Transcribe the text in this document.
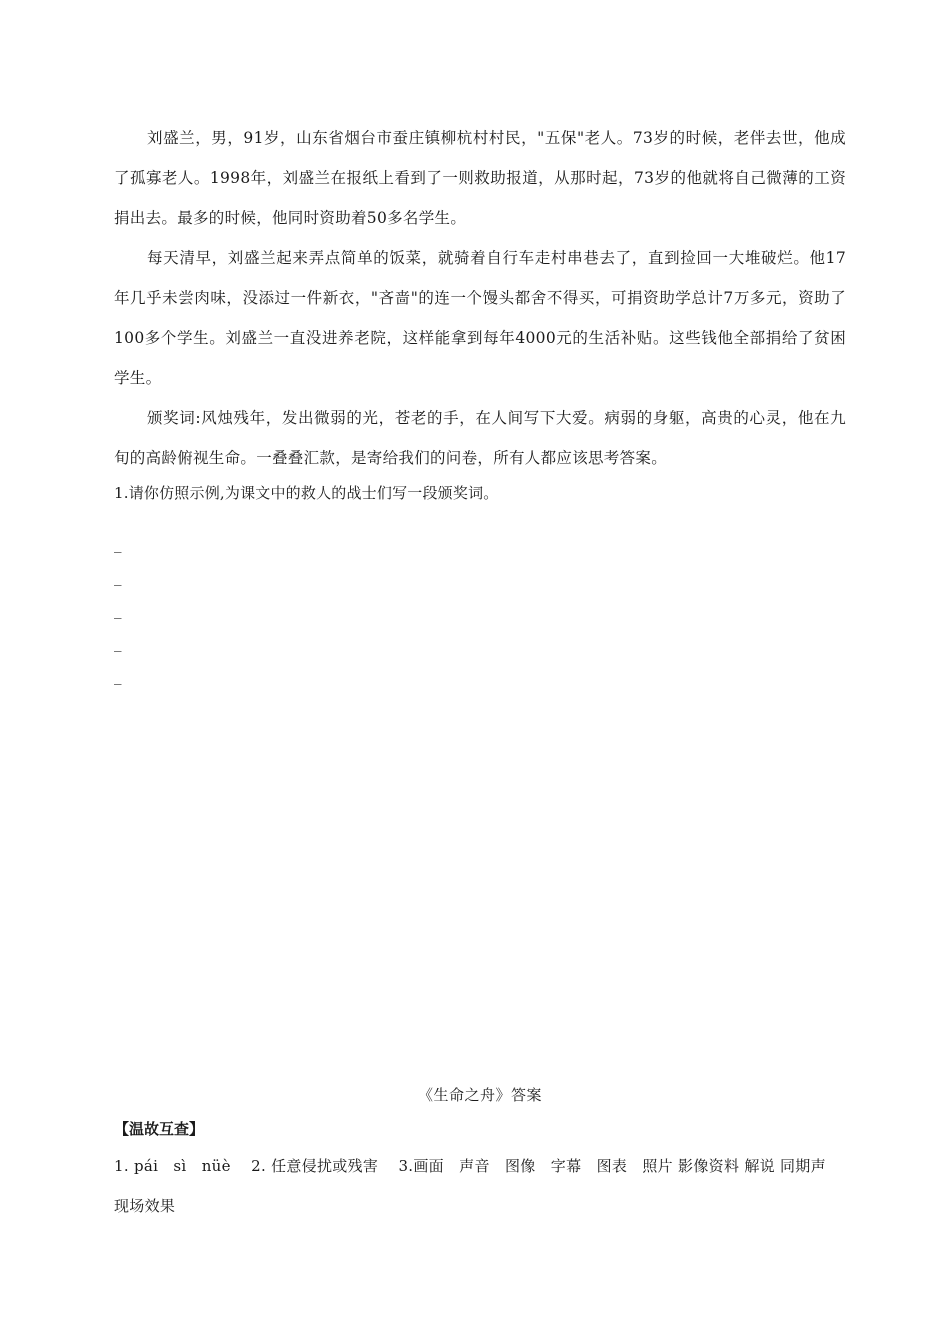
刘盛兰，男，91岁，山东省烟台市蚕庄镇柳杭村村民，"五保"老人。73岁的时候，老伴去世，他成了孤寡老人。1998年，刘盛兰在报纸上看到了一则救助报道，从那时起，73岁的他就将自己微薄的工资捐出去。最多的时候，他同时资助着50多名学生。

每天清早，刘盛兰起来弄点简单的饭菜，就骑着自行车走村串巷去了，直到捡回一大堆破烂。他17年几乎未尝肉味，没添过一件新衣，"吝啬"的连一个馒头都舍不得买，可捐资助学总计7万多元，资助了100多个学生。刘盛兰一直没进养老院，这样能拿到每年4000元的生活补贴。这些钱他全部捐给了贫困学生。

颁奖词:风烛残年，发出微弱的光，苍老的手，在人间写下大爱。病弱的身躯，高贵的心灵，他在九旬的高龄俯视生命。一叠叠汇款，是寄给我们的问卷，所有人都应该思考答案。

1.请你仿照示例,为课文中的救人的战士们写一段颁奖词。

_
_
_
_
_

《生命之舟》答案

【温故互查】

1. pái   sì   nüè    2. 任意侵扰或残害    3.画面   声音   图像   字幕   图表   照片 影像资料 解说 同期声 现场效果
